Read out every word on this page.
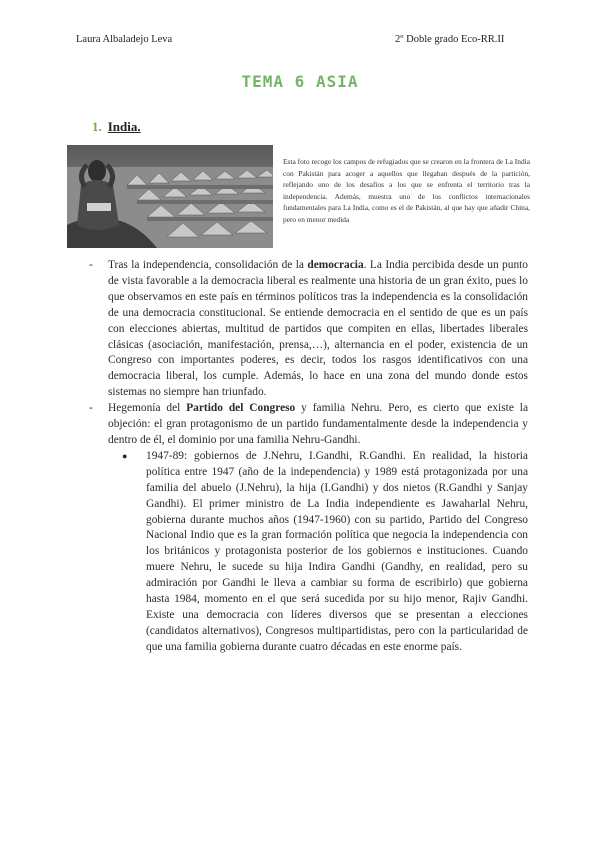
Laura Albaladejo Leva	2º Doble grado Eco-RR.II
TEMA 6 ASIA
1. India.
Esta foto recoge los campos de refugiados que se crearon en la frontera de La India con Pakistán para acoger a aquellos que llegaban después de la partición, reflejando uno de los desafíos a los que se enfrenta el territorio tras la independencia. Además, muestra uno de los conflictos internacionales fundamentales para La India, como es el de Pakistán, al que hay que añadir China, pero en menor medida
- Tras la independencia, consolidación de la democracia. La India percibida desde un punto de vista favorable a la democracia liberal es realmente una historia de un gran éxito, pues lo que observamos en este país en términos políticos tras la independencia es la consolidación de una democracia constitucional. Se entiende democracia en el sentido de que es un país con elecciones abiertas, multitud de partidos que compiten en ellas, libertades liberales clásicas (asociación, manifestación, prensa,…), alternancia en el poder, existencia de un Congreso con importantes poderes, es decir, todos los rasgos identificativos con una democracia liberal, los cumple. Además, lo hace en una zona del mundo donde estos sistemas no siempre han triunfado.
- Hegemonía del Partido del Congreso y familia Nehru. Pero, es cierto que existe la objeción: el gran protagonismo de un partido fundamentalmente desde la independencia y dentro de él, el dominio por una familia Nehru-Gandhi.
● 1947-89: gobiernos de J.Nehru, I.Gandhi, R.Gandhi. En realidad, la historia política entre 1947 (año de la independencia) y 1989 está protagonizada por una familia del abuelo (J.Nehru), la hija (I.Gandhi) y dos nietos (R.Gandhi y Sanjay Gandhi). El primer ministro de La India independiente es Jawaharlal Nehru, gobierna durante muchos años (1947-1960) con su partido, Partido del Congreso Nacional Indio que es la gran formación política que negocia la independencia con los británicos y protagonista posterior de los gobiernos e instituciones. Cuando muere Nehru, le sucede su hija Indira Gandhi (Gandhy, en realidad, pero su admiración por Gandhi le lleva a cambiar su forma de escribirlo) que gobierna hasta 1984, momento en el que será sucedida por su hijo menor, Rajiv Gandhi. Existe una democracia con líderes diversos que se presentan a elecciones (candidatos alternativos), Congresos multipartidistas, pero con la particularidad de que una familia gobierna durante cuatro décadas en este enorme país.
